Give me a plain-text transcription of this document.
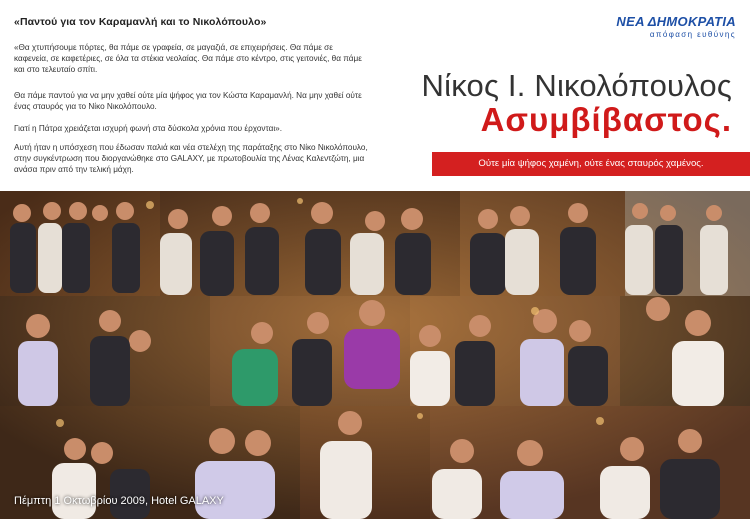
«Παντού για τον Καραμανλή και το Νικολόπουλο»
«Θα χτυπήσουμε πόρτες, θα πάμε σε γραφεία, σε μαγαζιά, σε επιχειρήσεις. Θα πάμε σε καφενεία, σε καφετέριες, σε όλα τα στέκια νεολαίας. Θα πάμε στο κέντρο, στις γειτονιές, θα πάμε και στο τελευταίο σπίτι.
Θα πάμε παντού για να μην χαθεί ούτε μία ψήφος για τον Κώστα Καραμανλή. Να μην χαθεί ούτε ένας σταυρός για το Νίκο Νικολόπουλο.
Γιατί η Πάτρα χρειάζεται ισχυρή φωνή στα δύσκολα χρόνια που έρχονται».
Αυτή ήταν η υπόσχεση που έδωσαν παλιά και νέα στελέχη της παράταξης στο Νίκο Νικολόπουλο, στην συγκέντρωση που διοργανώθηκε στο GALAXY, με πρωτοβουλία της Λένας Καλεντζώτη, μια ανάσα πριν από την τελική μάχη.
ΝΕΑ ΔΗΜΟΚΡΑΤΙΑ
απόφαση ευθύνης
Νίκος Ι. Νικολόπουλος
Ασυμβίβαστος.
Ούτε μία ψήφος χαμένη, ούτε ένας σταυρός χαμένος.
Πέμπτη 1 Οκτωβρίου 2009, Hotel GALAXY
